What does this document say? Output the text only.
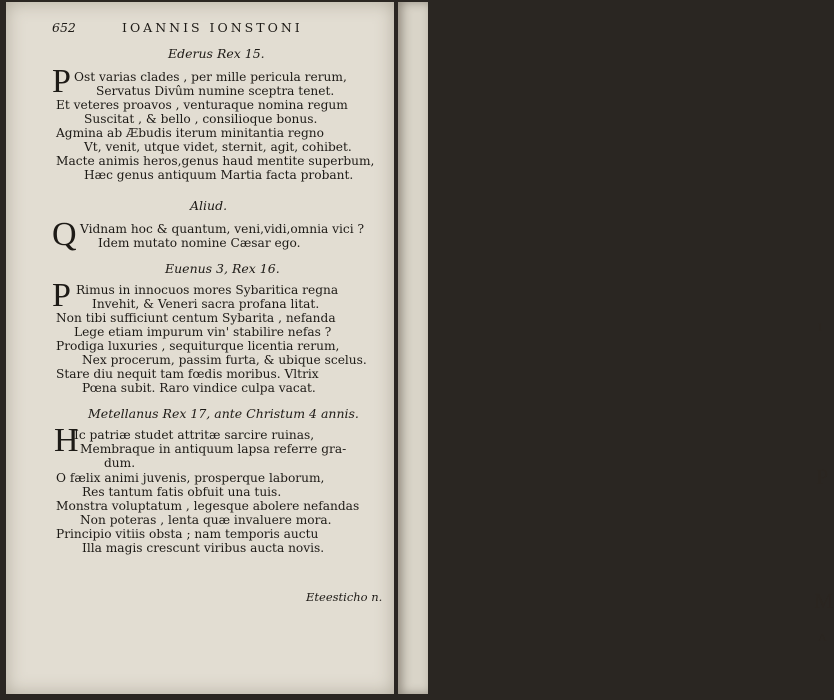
I
P
M
A
652	IOANNIS IONSTONI
Ederus Rex 15.
P Ost varias clades , per mille pericula rerum,
Servatus Divûm numine sceptra tenet.
Et veteres proavos , venturaque nomina regum
Suscitat , & bello , consilioque bonus.
Agmina ab Æbudis iterum minitantia regno
Vt, venit, utque videt, sternit, agit, cohibet.
Macte animis heros,genus haud mentite superbum,
Hæc genus antiquum Martia facta probant.
Aliud.
Q Vidnam hoc & quantum, veni,vidi,omnia vici ?
Idem mutato nomine Cæsar ego.
Euenus 3, Rex 16.
P Rimus in innocuos mores Sybaritica regna
Invehit, & Veneri sacra profana litat.
Non tibi sufficiunt centum Sybarita , nefanda
Lege etiam impurum vin' stabilire nefas ?
Prodiga luxuries , sequiturque licentia rerum,
Nex procerum, passim furta, & ubique scelus.
Stare diu nequit tam fœdis moribus. Vltrix
Pœna subit. Raro vindice culpa vacat.
Metellanus Rex 17, ante Christum 4 annis.
H
Ic patriæ studet attritæ sarcire ruinas,
Membraque in antiquum lapsa referre gra-
dum.
O fælix animi juvenis, prosperque laborum,
Res tantum fatis obfuit una tuis.
Monstra voluptatum , legesque abolere nefandas
Non poteras , lenta quæ invaluere mora.
Principio vitiis obsta ; nam temporis auctu
Illa magis crescunt viribus aucta novis.
Eteesticho n.
